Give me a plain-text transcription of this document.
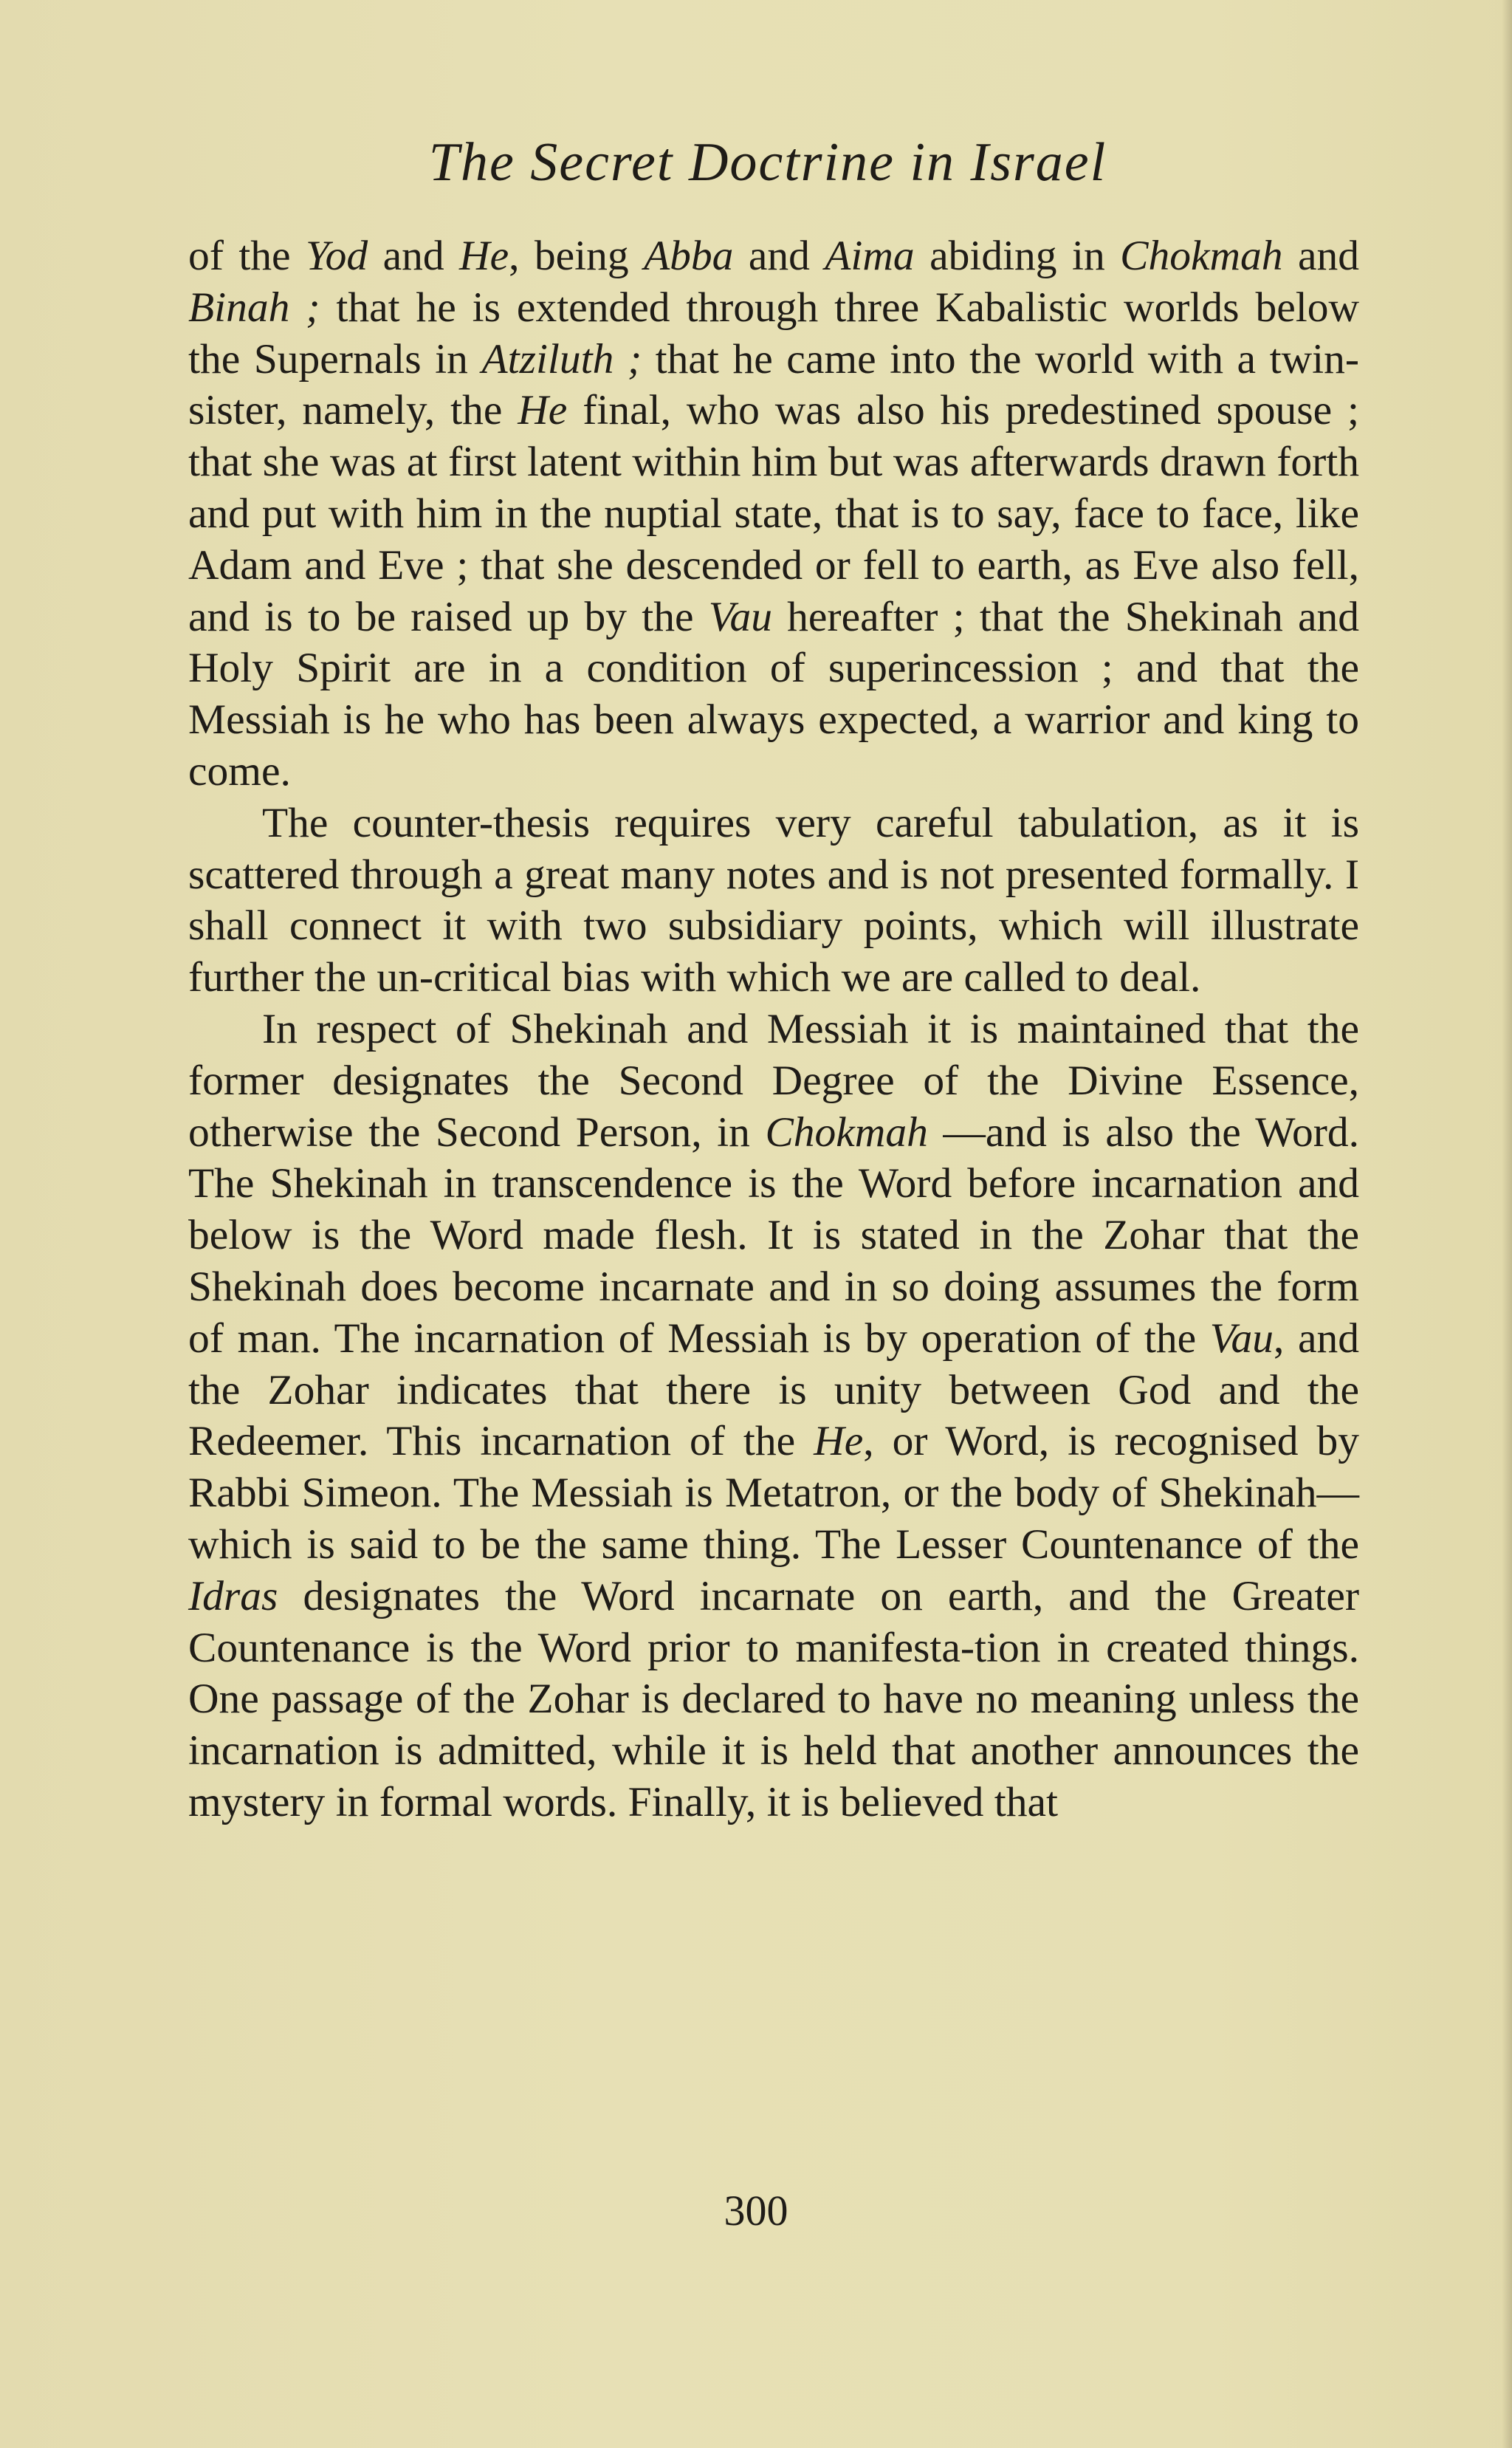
The Secret Doctrine in Israel

of the Yod and He, being Abba and Aima abiding in Chokmah and Binah ; that he is extended through three Kabalistic worlds below the Supernals in Atziluth ; that he came into the world with a twin-sister, namely, the He final, who was also his predestined spouse ; that she was at first latent within him but was afterwards drawn forth and put with him in the nuptial state, that is to say, face to face, like Adam and Eve ; that she descended or fell to earth, as Eve also fell, and is to be raised up by the Vau hereafter ; that the Shekinah and Holy Spirit are in a condition of superincession ; and that the Messiah is he who has been always expected, a warrior and king to come.

The counter-thesis requires very careful tabulation, as it is scattered through a great many notes and is not presented formally. I shall connect it with two subsidiary points, which will illustrate further the un-critical bias with which we are called to deal.

In respect of Shekinah and Messiah it is maintained that the former designates the Second Degree of the Divine Essence, otherwise the Second Person, in Chokmah —and is also the Word. The Shekinah in transcendence is the Word before incarnation and below is the Word made flesh. It is stated in the Zohar that the Shekinah does become incarnate and in so doing assumes the form of man. The incarnation of Messiah is by operation of the Vau, and the Zohar indicates that there is unity between God and the Redeemer. This incarnation of the He, or Word, is recognised by Rabbi Simeon. The Messiah is Metatron, or the body of Shekinah—which is said to be the same thing. The Lesser Countenance of the Idras designates the Word incarnate on earth, and the Greater Countenance is the Word prior to manifesta-tion in created things. One passage of the Zohar is declared to have no meaning unless the incarnation is admitted, while it is held that another announces the mystery in formal words. Finally, it is believed that

300
